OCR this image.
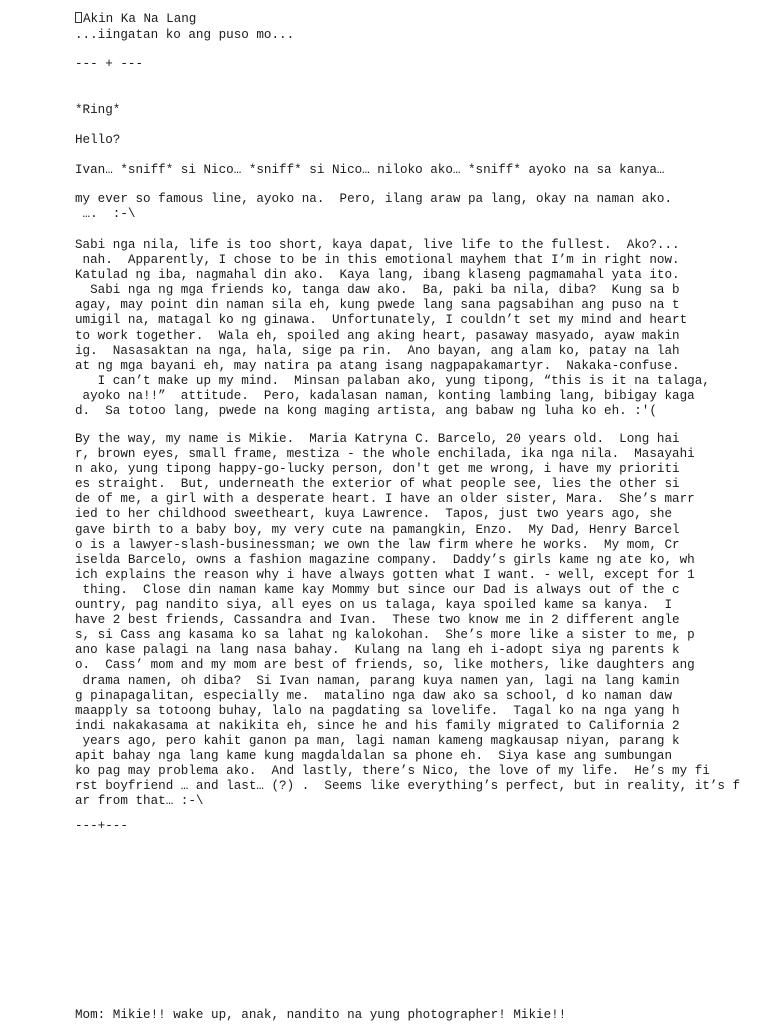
Akin Ka Na Lang
...iingatan ko ang puso mo...
--- + ---
*Ring*
Hello?
Ivan… *sniff* si Nico… *sniff* si Nico… niloko ako… *sniff* ayoko na sa kanya…
my ever so famous line, ayoko na.  Pero, ilang araw pa lang, okay na naman ako.
….  :-\
Sabi nga nila, life is too short, kaya dapat, live life to the fullest.  Ako?...
nah.  Apparently, I chose to be in this emotional mayhem that I’m in right now.
Katulad ng iba, nagmahal din ako.  Kaya lang, ibang klaseng pagmamahal yata ito.
Sabi nga ng mga friends ko, tanga daw ako.  Ba, paki ba nila, diba?  Kung sa b
agay, may point din naman sila eh, kung pwede lang sana pagsabihan ang puso na t
umigil na, matagal ko ng ginawa.  Unfortunately, I couldn’t set my mind and heart
to work together.  Wala eh, spoiled ang aking heart, pasaway masyado, ayaw makin
ig.  Nasasaktan na nga, hala, sige pa rin.  Ano bayan, ang alam ko, patay na lah
at ng mga bayani eh, may natira pa atang isang nagpapakamartyr.  Nakaka-confuse.
I can’t make up my mind.  Minsan palaban ako, yung tipong, “this is it na talaga,
ayoko na!!”  attitude.  Pero, kadalasan naman, konting lambing lang, bibigay kaga
d.  Sa totoo lang, pwede na kong maging artista, ang babaw ng luha ko eh. :'(
By the way, my name is Mikie.  Maria Katryna C. Barcelo, 20 years old.  Long hai
r, brown eyes, small frame, mestiza - the whole enchilada, ika nga nila.  Masayahi
n ako, yung tipong happy-go-lucky person, don't get me wrong, i have my prioriti
es straight.  But, underneath the exterior of what people see, lies the other si
de of me, a girl with a desperate heart. I have an older sister, Mara.  She’s marr
ied to her childhood sweetheart, kuya Lawrence.  Tapos, just two years ago, she
gave birth to a baby boy, my very cute na pamangkin, Enzo.  My Dad, Henry Barcel
o is a lawyer-slash-businessman; we own the law firm where he works.  My mom, Cr
iselda Barcelo, owns a fashion magazine company.  Daddy’s girls kame ng ate ko, wh
ich explains the reason why i have always gotten what I want. - well, except for 1
thing.  Close din naman kame kay Mommy but since our Dad is always out of the c
ountry, pag nandito siya, all eyes on us talaga, kaya spoiled kame sa kanya.  I
have 2 best friends, Cassandra and Ivan.  These two know me in 2 different angle
s, si Cass ang kasama ko sa lahat ng kalokohan.  She’s more like a sister to me, p
ano kase palagi na lang nasa bahay.  Kulang na lang eh i-adopt siya ng parents k
o.  Cass’ mom and my mom are best of friends, so, like mothers, like daughters ang
drama namen, oh diba?  Si Ivan naman, parang kuya namen yan, lagi na lang kamin
g pinapagalitan, especially me.  matalino nga daw ako sa school, d ko naman daw
maapply sa totoong buhay, lalo na pagdating sa lovelife.  Tagal ko na nga yang h
indi nakakasama at nakikita eh, since he and his family migrated to California 2
years ago, pero kahit ganon pa man, lagi naman kameng magkausap niyan, parang k
apit bahay nga lang kame kung magdaldalan sa phone eh.  Siya kase ang sumbungan
ko pag may problema ako.  And lastly, there’s Nico, the love of my life.  He’s my fi
rst boyfriend … and last… (?) .  Seems like everything’s perfect, but in reality, it’s f
ar from that… :-\
---+---
Mom: Mikie!! wake up, anak, nandito na yung photographer! Mikie!!
